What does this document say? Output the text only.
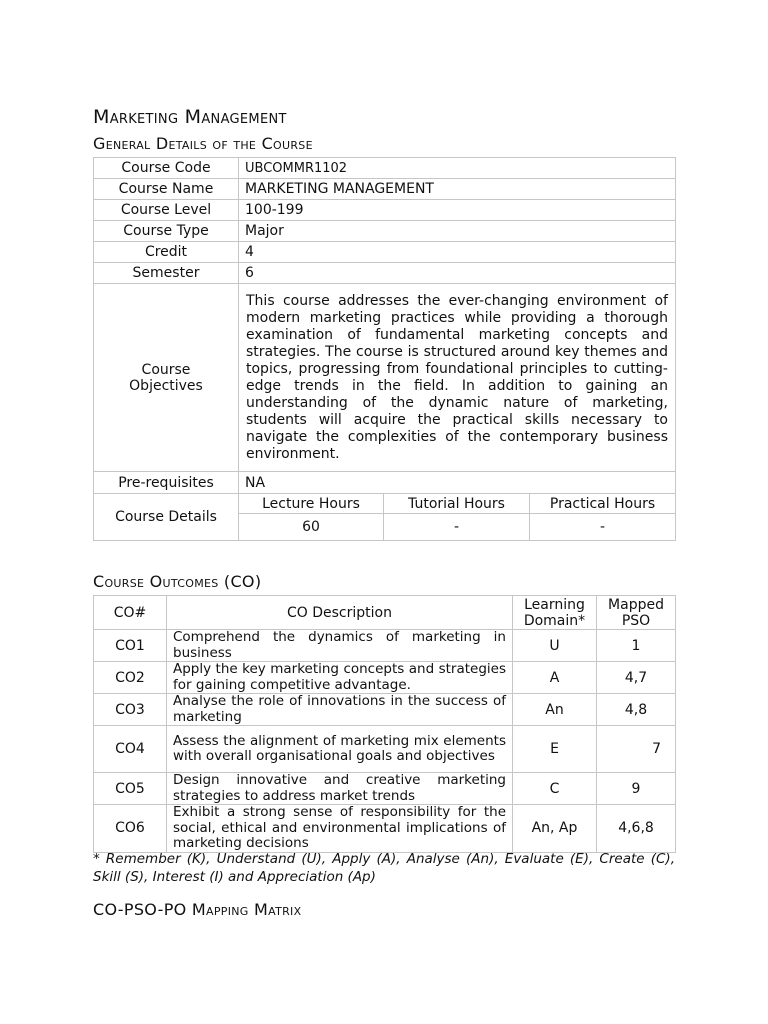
Marketing Management
General Details of the Course
Course Code	UBCOMMR1102		
Course Name	MARKETING MANAGEMENT		
Course Level	100-199		
Course Type	Major		
Credit	4		
Semester	6		
Course Objectives	This course addresses the ever-changing environment of modern marketing practices while providing a thorough examination of fundamental marketing concepts and strategies. The course is structured around key themes and topics, progressing from foundational principles to cutting-edge trends in the field. In addition to gaining an understanding of the dynamic nature of marketing, students will acquire the practical skills necessary to navigate the complexities of the contemporary business environment.		
Pre-requisites	NA		
Course Details	Lecture Hours	Tutorial Hours	Practical Hours
	60	-	-
Course Outcomes (CO)
CO#	CO Description	Learning Domain*	Mapped PSO
CO1	Comprehend the dynamics of marketing in business	U	1
CO2	Apply the key marketing concepts and strategies for gaining competitive advantage.	A	4,7
CO3	Analyse the role of innovations in the success of marketing	An	4,8
CO4	Assess the alignment of marketing mix elements with overall organisational goals and objectives	E	7
CO5	Design innovative and creative marketing strategies to address market trends	C	9
CO6	Exhibit a strong sense of responsibility for the social, ethical and environmental implications of marketing decisions	An, Ap	4,6,8

* Remember (K), Understand (U), Apply (A), Analyse (An), Evaluate (E), Create (C), Skill (S), Interest (I) and Appreciation (Ap)

CO-PSO-PO Mapping Matrix
